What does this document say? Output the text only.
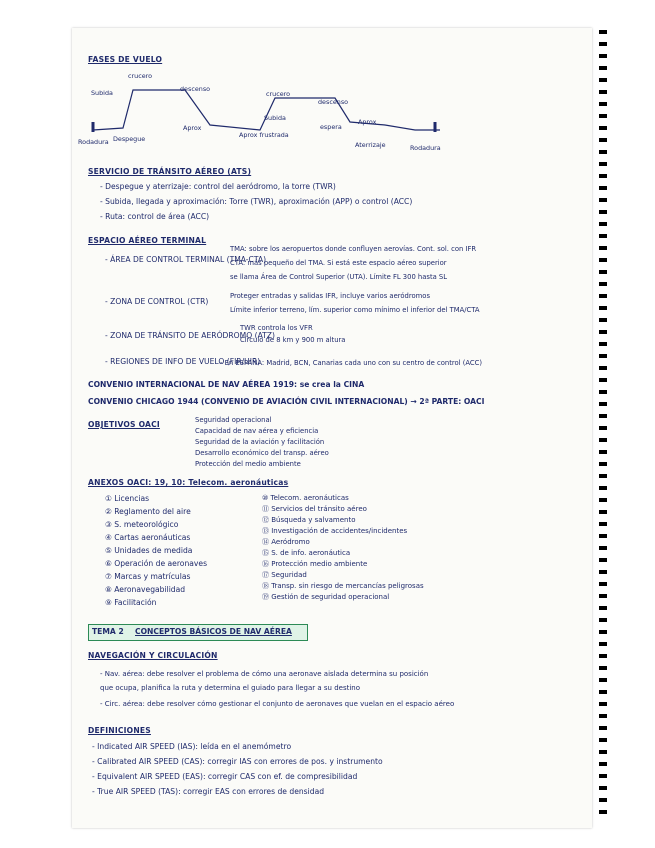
FASES DE VUELO
Subida
crucero
descenso
Rodadura Despegue
Aprox
Aprox frustrada
crucero
descenso
Subida
espera
Aprox
Aterrizaje	Rodadura
SERVICIO DE TRÁNSITO AÉREO (ATS)
- Despegue y aterrizaje: control del aeródromo, la torre (TWR)
- Subida, llegada y aproximación: Torre (TWR), aproximación (APP) o control (ACC)
- Ruta: control de área (ACC)
ESPACIO AÉREO TERMINAL
- ÁREA DE CONTROL TERMINAL (TMA-CTA)
TMA: sobre los aeropuertos donde confluyen aerovías. Cont. sol. con IFR
CTA: más pequeño del TMA. Si está este espacio aéreo superior
se llama Área de Control Superior (UTA). Límite FL 300 hasta SL
- ZONA DE CONTROL (CTR)
Proteger entradas y salidas IFR, incluye varios aeródromos
Límite inferior terreno, lím. superior como mínimo el inferior del TMA/CTA
- ZONA DE TRÁNSITO DE AERÓDROMO (ATZ)
TWR controla los VFR
Círculo de 8 km y 900 m altura
- REGIONES DE INFO DE VUELO (FIR/UIR)
- En ESPAÑA: Madrid, BCN, Canarias cada uno con su centro de control (ACC)
CONVENIO INTERNACIONAL DE NAV AÉREA 1919: se crea la CINA
CONVENIO CHICAGO 1944 (CONVENIO DE AVIACIÓN CIVIL INTERNACIONAL) → 2ª PARTE: OACI
OBJETIVOS OACI	Seguridad operacional
Capacidad de nav aérea y eficiencia
Seguridad de la aviación y facilitación
Desarrollo económico del transp. aéreo
Protección del medio ambiente
ANEXOS OACI: 19, 10: Telecom. aeronáuticas
① Licencias
② Reglamento del aire
③ S. meteorológico
④ Cartas aeronáuticas
⑤ Unidades de medida
⑥ Operación de aeronaves
⑦ Marcas y matrículas
⑧ Aeronavegabilidad
⑨ Facilitación
⑩ Telecom. aeronáuticas
⑪ Servicios del tránsito aéreo
⑫ Búsqueda y salvamento
⑬ Investigación de accidentes/incidentes
⑭ Aeródromo
⑮ S. de info. aeronáutica
⑯ Protección medio ambiente
⑰ Seguridad
⑱ Transp. sin riesgo de mercancías peligrosas
⑲ Gestión de seguridad operacional
TEMA 2 CONCEPTOS BÁSICOS DE NAV AÉREA
NAVEGACIÓN Y CIRCULACIÓN
- Nav. aérea: debe resolver el problema de cómo una aeronave aislada determina su posición
que ocupa, planifica la ruta y determina el guiado para llegar a su destino
- Circ. aérea: debe resolver cómo gestionar el conjunto de aeronaves que vuelan en el espacio aéreo
DEFINICIONES
- Indicated AIR SPEED (IAS): leída en el anemómetro
- Calibrated AIR SPEED (CAS): corregir IAS con errores de pos. y instrumento
- Equivalent AIR SPEED (EAS): corregir CAS con ef. de compresibilidad
- True AIR SPEED (TAS): corregir EAS con errores de densidad
